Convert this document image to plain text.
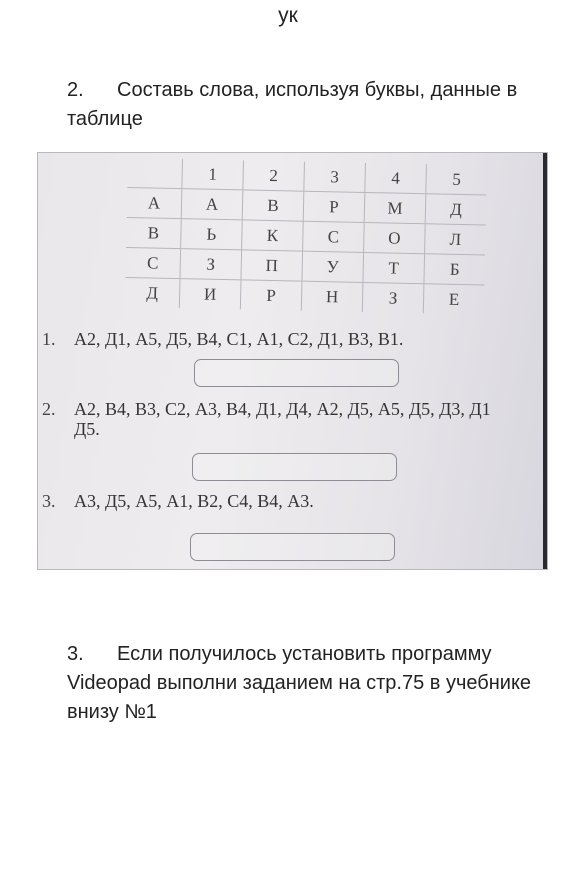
ук
2. Составь слова, используя буквы, данные в таблице
	1	2	3	4	5
А	А	В	Р	М	Д
В	Ь	К	С	О	Л
С	З	П	У	Т	Б
Д	И	Р	Н	З	Е
1. А2, Д1, А5, Д5, В4, С1, А1, С2, Д1, В3, В1.
2. А2, В4, В3, С2, А3, В4, Д1, Д4, А2, Д5, А5, Д5, Д3, Д1
Д5.
3. А3, Д5, А5, А1, В2, С4, В4, А3.
3. Если получилось установить программу Videopad выполни заданием на стр.75 в учебнике внизу №1
